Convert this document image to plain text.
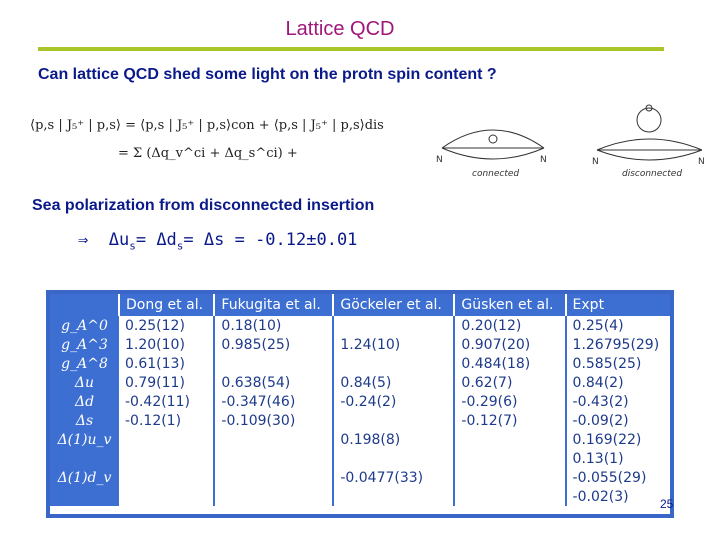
Lattice QCD
Can lattice QCD shed some light on the protn spin content ?
⟨p,s | J₅⁺ | p,s⟩ = ⟨p,s | J₅⁺ | p,s⟩con + ⟨p,s | J₅⁺ | p,s⟩dis
= Σ (Δq_v^ci + Δq_s^ci) +	N	N
connected
N	N
disconnected
Sea polarization from disconnected insertion
⇒ $\Delta u_s= \Delta d_s= \Delta s = -0.12\pm 0.01$
	Dong et al.	Fukugita et al.	Göckeler et al.	Güsken et al.	Expt
g_A^0	0.25(12)	0.18(10)		0.20(12)	0.25(4)
g_A^3	1.20(10)	0.985(25)	1.24(10)	0.907(20)	1.26795(29)
g_A^8	0.61(13)			0.484(18)	0.585(25)
Δu	0.79(11)	0.638(54)	0.84(5)	0.62(7)	0.84(2)
Δd	-0.42(11)	-0.347(46)	-0.24(2)	-0.29(6)	-0.43(2)
Δs	-0.12(1)	-0.109(30)		-0.12(7)	-0.09(2)
Δ(1)u_v			0.198(8)		0.169(22)
					0.13(1)
Δ(1)d_v			-0.0477(33)		-0.055(29)
					-0.02(3)	25
